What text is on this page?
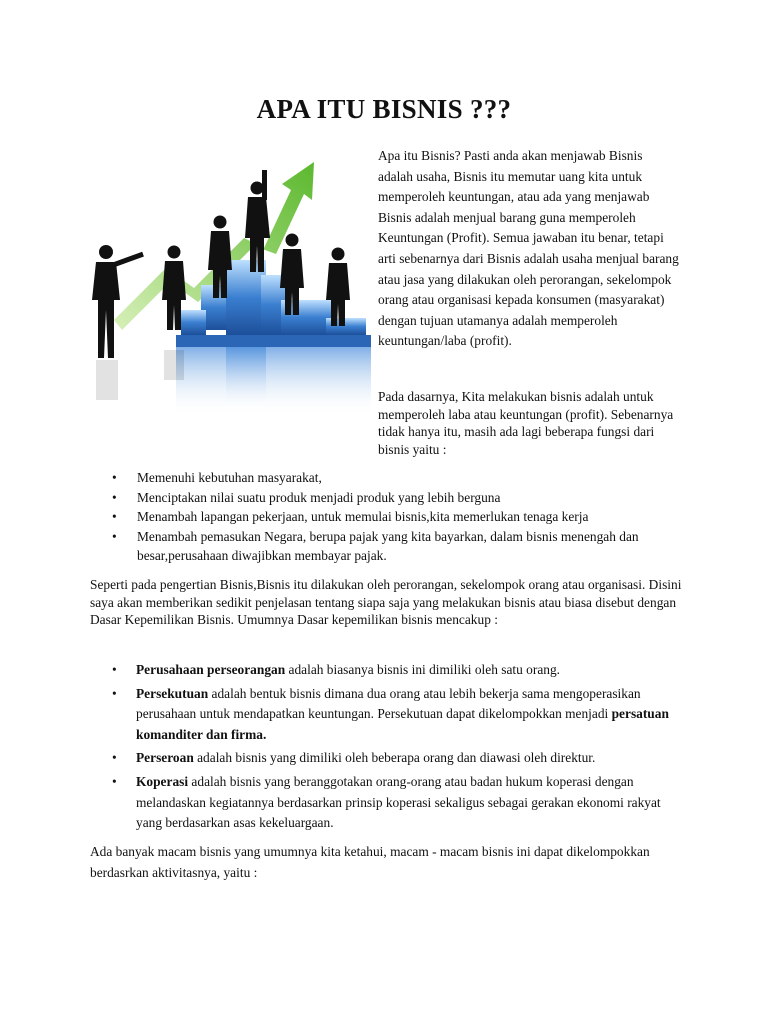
APA ITU BISNIS ???

Apa itu Bisnis? Pasti anda akan menjawab Bisnis adalah usaha, Bisnis itu memutar uang kita untuk memperoleh keuntungan, atau ada yang menjawab Bisnis adalah menjual barang guna memperoleh Keuntungan (Profit). Semua jawaban itu benar, tetapi arti sebenarnya dari Bisnis adalah usaha menjual barang atau jasa yang dilakukan oleh perorangan, sekelompok orang atau organisasi kepada konsumen (masyarakat) dengan tujuan utamanya adalah memperoleh keuntungan/laba (profit).

Pada dasarnya, Kita melakukan bisnis adalah untuk memperoleh laba atau keuntungan (profit). Sebenarnya tidak hanya itu, masih ada lagi beberapa fungsi dari bisnis yaitu :

• Memenuhi kebutuhan masyarakat,
• Menciptakan nilai suatu produk menjadi produk yang lebih berguna
• Menambah lapangan pekerjaan, untuk memulai bisnis,kita memerlukan tenaga kerja
• Menambah pemasukan Negara, berupa pajak yang kita bayarkan, dalam bisnis menengah dan besar,perusahaan diwajibkan membayar pajak.

Seperti pada pengertian Bisnis,Bisnis itu dilakukan oleh perorangan, sekelompok orang atau organisasi. Disini saya akan memberikan sedikit penjelasan tentang siapa saja yang melakukan bisnis atau biasa disebut dengan Dasar Kepemilikan Bisnis. Umumnya Dasar kepemilikan bisnis mencakup :

• Perusahaan perseorangan adalah biasanya bisnis ini dimiliki oleh satu orang.
• Persekutuan adalah bentuk bisnis dimana dua orang atau lebih bekerja sama mengoperasikan perusahaan untuk mendapatkan keuntungan. Persekutuan dapat dikelompokkan menjadi persatuan komanditer dan firma.
• Perseroan adalah bisnis yang dimiliki oleh beberapa orang dan diawasi oleh direktur.
• Koperasi adalah bisnis yang beranggotakan orang-orang atau badan hukum koperasi dengan melandaskan kegiatannya berdasarkan prinsip koperasi sekaligus sebagai gerakan ekonomi rakyat yang berdasarkan asas kekeluargaan.

Ada banyak macam bisnis yang umumnya kita ketahui, macam - macam bisnis ini dapat dikelompokkan berdasrkan aktivitasnya, yaitu :
